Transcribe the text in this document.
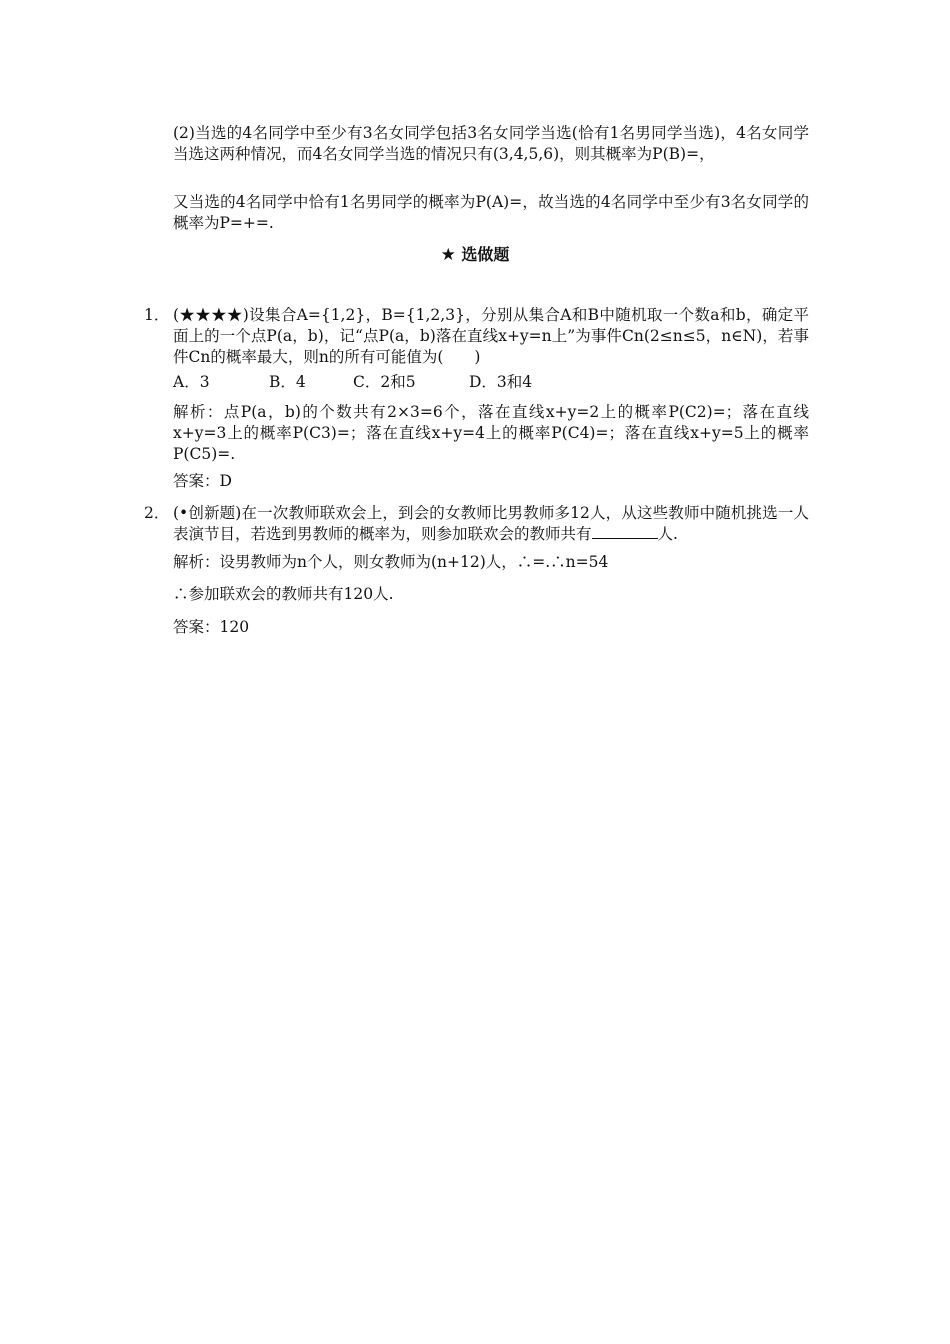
(2)当选的4名同学中至少有3名女同学包括3名女同学当选(恰有1名男同学当选)，4名女同学当选这两种情况，而4名女同学当选的情况只有(3,4,5,6)，则其概率为P(B)=，

又当选的4名同学中恰有1名男同学的概率为P(A)=，故当选的4名同学中至少有3名女同学的概率为P=+=.

★ 选做题
1． (★★★★)设集合A={1,2}，B={1,2,3}，分别从集合A和B中随机取一个数a和b，确定平面上的一个点P(a，b)，记“点P(a，b)落在直线x+y=n上”为事件Cn(2≤n≤5，n∈N)，若事件Cn的概率最大，则n的所有可能值为(　　)
A．3	B．4	C．2和5	D．3和4

解析：点P(a，b)的个数共有2×3=6个，落在直线x+y=2上的概率P(C2)=；落在直线x+y=3上的概率P(C3)=；落在直线x+y=4上的概率P(C4)=；落在直线x+y=5上的概率P(C5)=.

答案：D

2． (•创新题)在一次教师联欢会上，到会的女教师比男教师多12人，从这些教师中随机挑选一人表演节目，若选到男教师的概率为，则参加联欢会的教师共有	人.

解析：设男教师为n个人，则女教师为(n+12)人，∴=.∴n=54

∴参加联欢会的教师共有120人.

答案：120
